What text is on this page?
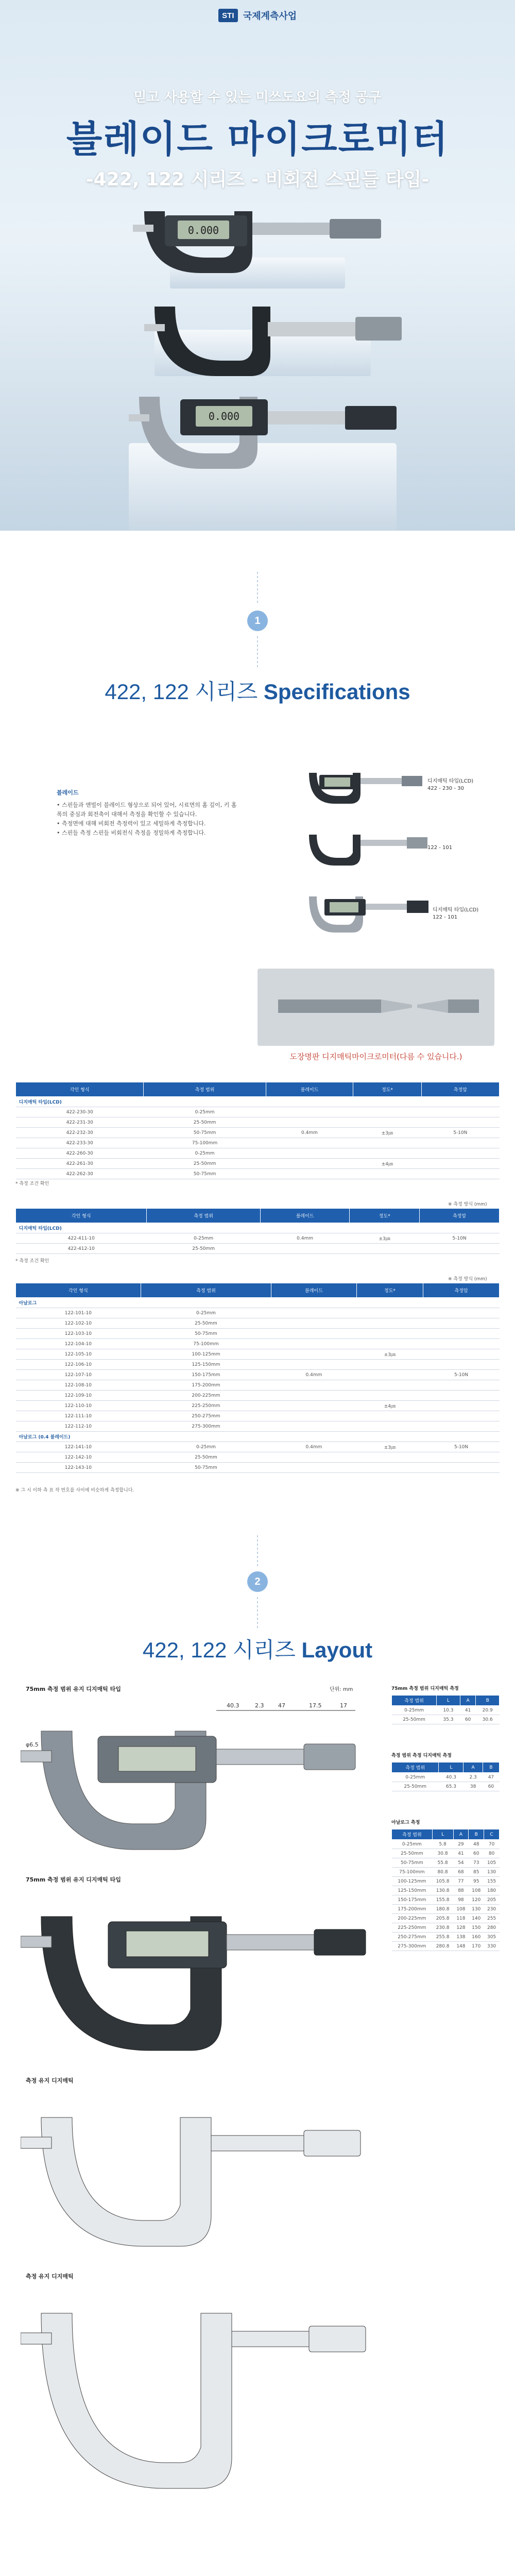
STI 국제계측사업
믿고 사용할 수 있는 미쓰도요의 측정 공구
블레이드 마이크로미터
-422, 122 시리즈 - 비회전 스핀들 타입-
0.000
0.000
1
422, 122 시리즈 Specifications
블레이드
• 스핀들과 앤빌이 블레이드 형상으로 되어 있어, 시료면의 홈 깊이, 키 홈
폭의 중심과 회전축이 대해서 측정을 확인할 수 있습니다.
• 측정면에 대해 비회전 측정력이 있고 세밀하게 측정합니다.
• 스핀들 측정 스핀들 비회전식 측정을 정밀하게 측정합니다.
디지매틱 타입(LCD)
422 - 230 - 30
122 - 101
디지매틱 타입(LCD)
122 - 101
도장명판 디지매틱마이크로미터(다름 수 있습니다.)
각인 형식	측정 범위	블레이드	정도*	측정압
디지매틱 타입(LCD)				
422-230-30	0-25mm			
422-231-30	25-50mm			
422-232-30	50-75mm	0.4mm	±3㎛	5-10N
422-233-30	75-100mm			
422-260-30	0-25mm			
422-261-30	25-50mm		±4㎛	
422-262-30	50-75mm			
* 측정 조건 확인
※ 측정 방식 (mm)
각인 형식	측정 범위	블레이드	정도*	측정압
디지매틱 타입(LCD)				
422-411-10	0-25mm	0.4mm	±3㎛	5-10N
422-412-10	25-50mm			
* 측정 조건 확인
※ 측정 방식 (mm)
각인 형식	측정 범위	블레이드	정도*	측정압
아날로그				
122-101-10	0-25mm			
122-102-10	25-50mm			
122-103-10	50-75mm			
122-104-10	75-100mm			
122-105-10	100-125mm		±3㎛	
122-106-10	125-150mm			
122-107-10	150-175mm	0.4mm		5-10N
122-108-10	175-200mm			
122-109-10	200-225mm			
122-110-10	225-250mm		±4㎛	
122-111-10	250-275mm			
122-112-10	275-300mm			
아날로그 (0.4 블레이드)				
122-141-10	0-25mm	0.4mm	±3㎛	5-10N
122-142-10	25-50mm			
122-143-10	50-75mm			
※ 그 시 이하 측 표 작 번호를 사이에 비슷하게 측정합니다.
2
422, 122 시리즈 Layout
75mm 측정 범위 유지 디지매틱 타입	단위: mm
40.3	2.3	47	17.5	17
φ6.5
75mm 측정 범위 유지 디지매틱 타입
측정 유지 디지매틱
측정 유지 디지매틱
75mm 측정 범위 디지매틱 측정
측정 범위	L	A	B
0-25mm	10.3	41	20.9
25-50mm	35.3	60	30.6
측정 범위 측정 디지매틱 측정
측정 범위	L	A	B
0-25mm	40.3	2.3	47
25-50mm	65.3	38	60
아날로그 측정
측정 범위	L	A	B	C
0-25mm	5.8	29	48	70
25-50mm	30.8	41	60	80
50-75mm	55.8	54	73	105
75-100mm	80.8	68	85	130
100-125mm	105.8	77	95	155
125-150mm	130.8	88	108	180
150-175mm	155.8	98	120	205
175-200mm	180.8	108	130	230
200-225mm	205.8	118	140	255
225-250mm	230.8	128	150	280
250-275mm	255.8	138	160	305
275-300mm	280.8	148	170	330
